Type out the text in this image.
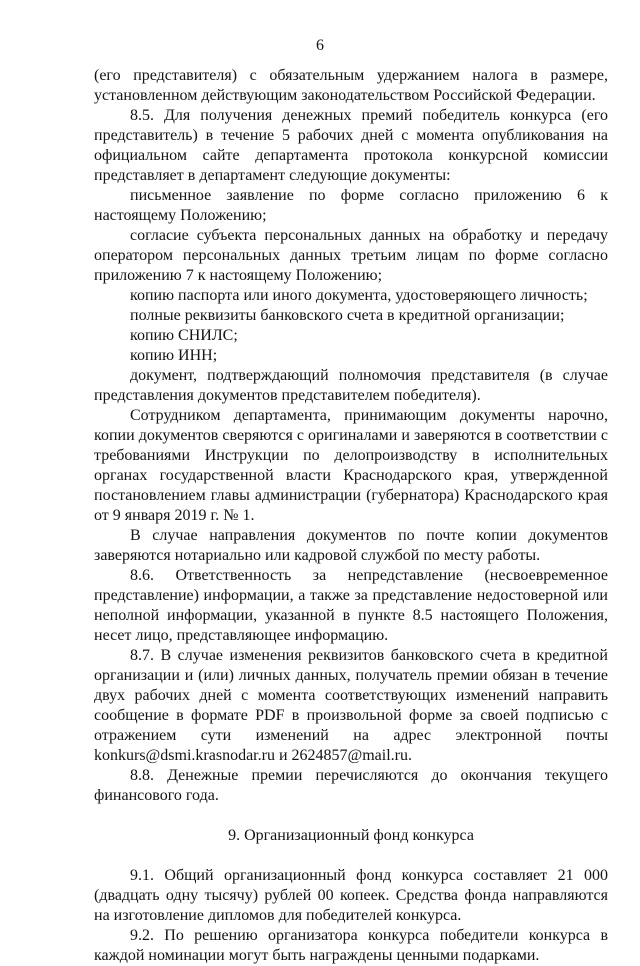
6

(его представителя) с обязательным удержанием налога в размере, установленном действующим законодательством Российской Федерации.

8.5. Для получения денежных премий победитель конкурса (его представитель) в течение 5 рабочих дней с момента опубликования на официальном сайте департамента протокола конкурсной комиссии представляет в департамент следующие документы:

письменное заявление по форме согласно приложению 6 к настоящему Положению;

согласие субъекта персональных данных на обработку и передачу оператором персональных данных третьим лицам по форме согласно приложению 7 к настоящему Положению;

копию паспорта или иного документа, удостоверяющего личность;

полные реквизиты банковского счета в кредитной организации;

копию СНИЛС;

копию ИНН;

документ, подтверждающий полномочия представителя (в случае представления документов представителем победителя).

Сотрудником департамента, принимающим документы нарочно, копии документов сверяются с оригиналами и заверяются в соответствии с требованиями Инструкции по делопроизводству в исполнительных органах государственной власти Краснодарского края, утвержденной постановлением главы администрации (губернатора) Краснодарского края от 9 января 2019 г. № 1.

В случае направления документов по почте копии документов заверяются нотариально или кадровой службой по месту работы.

8.6. Ответственность за непредставление (несвоевременное представление) информации, а также за представление недостоверной или неполной информации, указанной в пункте 8.5 настоящего Положения, несет лицо, представляющее информацию.

8.7. В случае изменения реквизитов банковского счета в кредитной организации и (или) личных данных, получатель премии обязан в течение двух рабочих дней с момента соответствующих изменений направить сообщение в формате PDF в произвольной форме за своей подписью с отражением сути изменений на адрес электронной почты konkurs@dsmi.krasnodar.ru и 2624857@mail.ru.

8.8. Денежные премии перечисляются до окончания текущего финансового года.

9. Организационный фонд конкурса

9.1. Общий организационный фонд конкурса составляет 21 000 (двадцать одну тысячу) рублей 00 копеек. Средства фонда направляются на изготовление дипломов для победителей конкурса.

9.2. По решению организатора конкурса победители конкурса в каждой номинации могут быть награждены ценными подарками.
